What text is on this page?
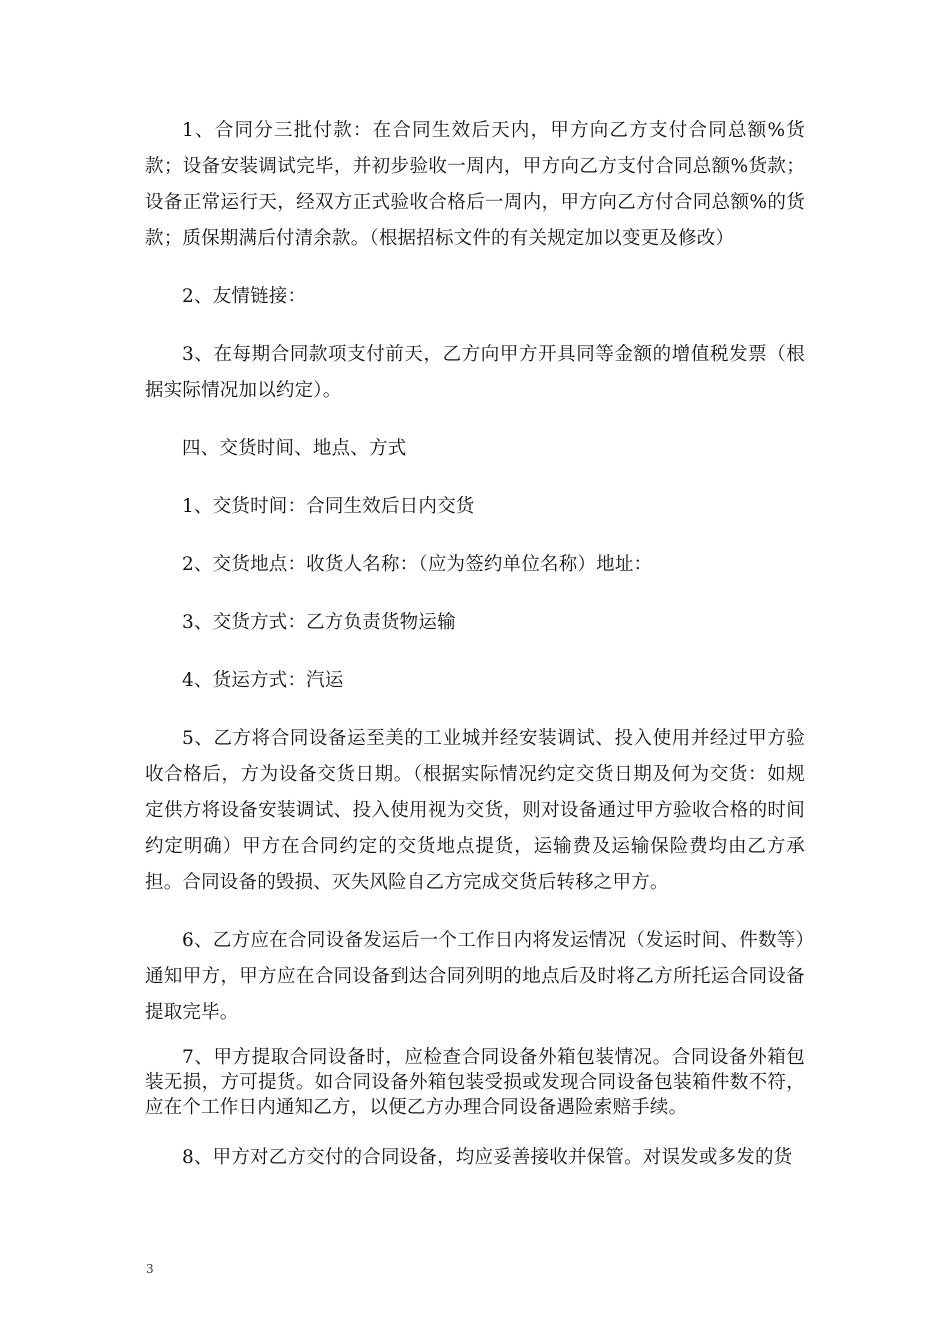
1、合同分三批付款：在合同生效后天内，甲方向乙方支付合同总额%货款；设备安装调试完毕，并初步验收一周内，甲方向乙方支付合同总额%货款；设备正常运行天，经双方正式验收合格后一周内，甲方向乙方付合同总额%的货款；质保期满后付清余款。（根据招标文件的有关规定加以变更及修改）

2、友情链接：

3、在每期合同款项支付前天，乙方向甲方开具同等金额的增值税发票（根据实际情况加以约定）。

四、交货时间、地点、方式

1、交货时间：合同生效后日内交货

2、交货地点：收货人名称：（应为签约单位名称）地址：

3、交货方式：乙方负责货物运输

4、货运方式：汽运

5、乙方将合同设备运至美的工业城并经安装调试、投入使用并经过甲方验收合格后，方为设备交货日期。（根据实际情况约定交货日期及何为交货：如规定供方将设备安装调试、投入使用视为交货，则对设备通过甲方验收合格的时间约定明确）甲方在合同约定的交货地点提货，运输费及运输保险费均由乙方承担。合同设备的毁损、灭失风险自乙方完成交货后转移之甲方。

6、乙方应在合同设备发运后一个工作日内将发运情况（发运时间、件数等）通知甲方，甲方应在合同设备到达合同列明的地点后及时将乙方所托运合同设备提取完毕。

7、甲方提取合同设备时，应检查合同设备外箱包装情况。合同设备外箱包装无损，方可提货。如合同设备外箱包装受损或发现合同设备包装箱件数不符，应在个工作日内通知乙方，以便乙方办理合同设备遇险索赔手续。

8、甲方对乙方交付的合同设备，均应妥善接收并保管。对误发或多发的货

3
